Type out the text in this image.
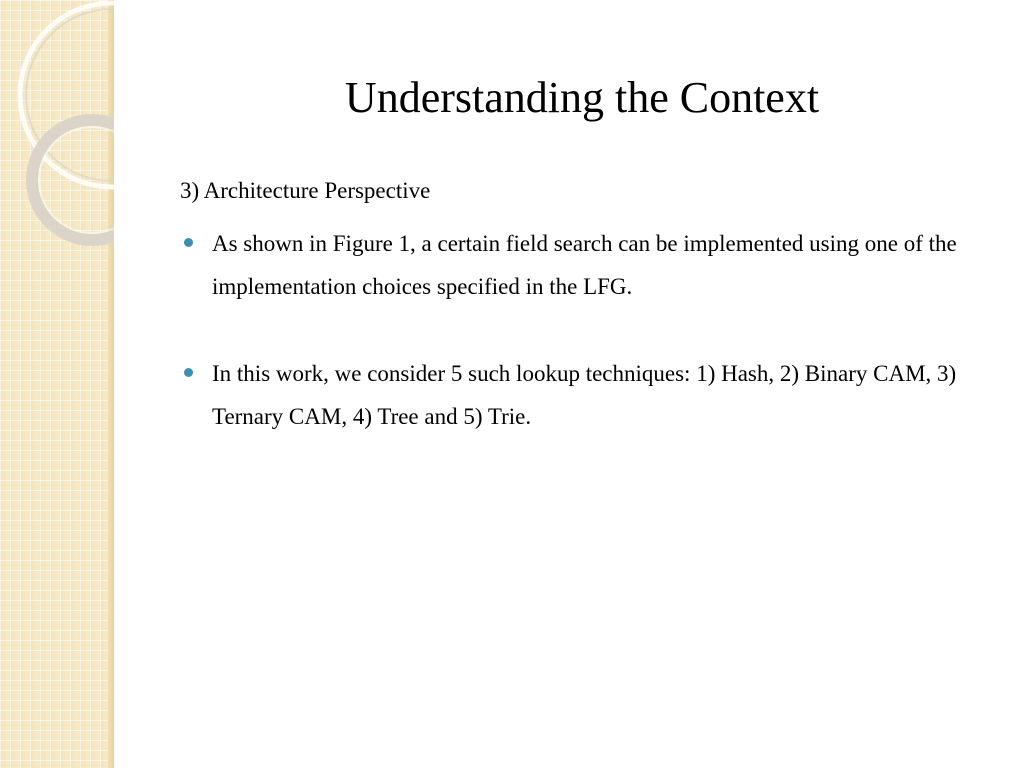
Understanding the Context

3) Architecture Perspective

As shown in Figure 1, a certain field search can be implemented using one of the implementation choices specified in the LFG.
In this work, we consider 5 such lookup techniques: 1) Hash, 2) Binary CAM, 3) Ternary CAM, 4) Tree and 5) Trie.
